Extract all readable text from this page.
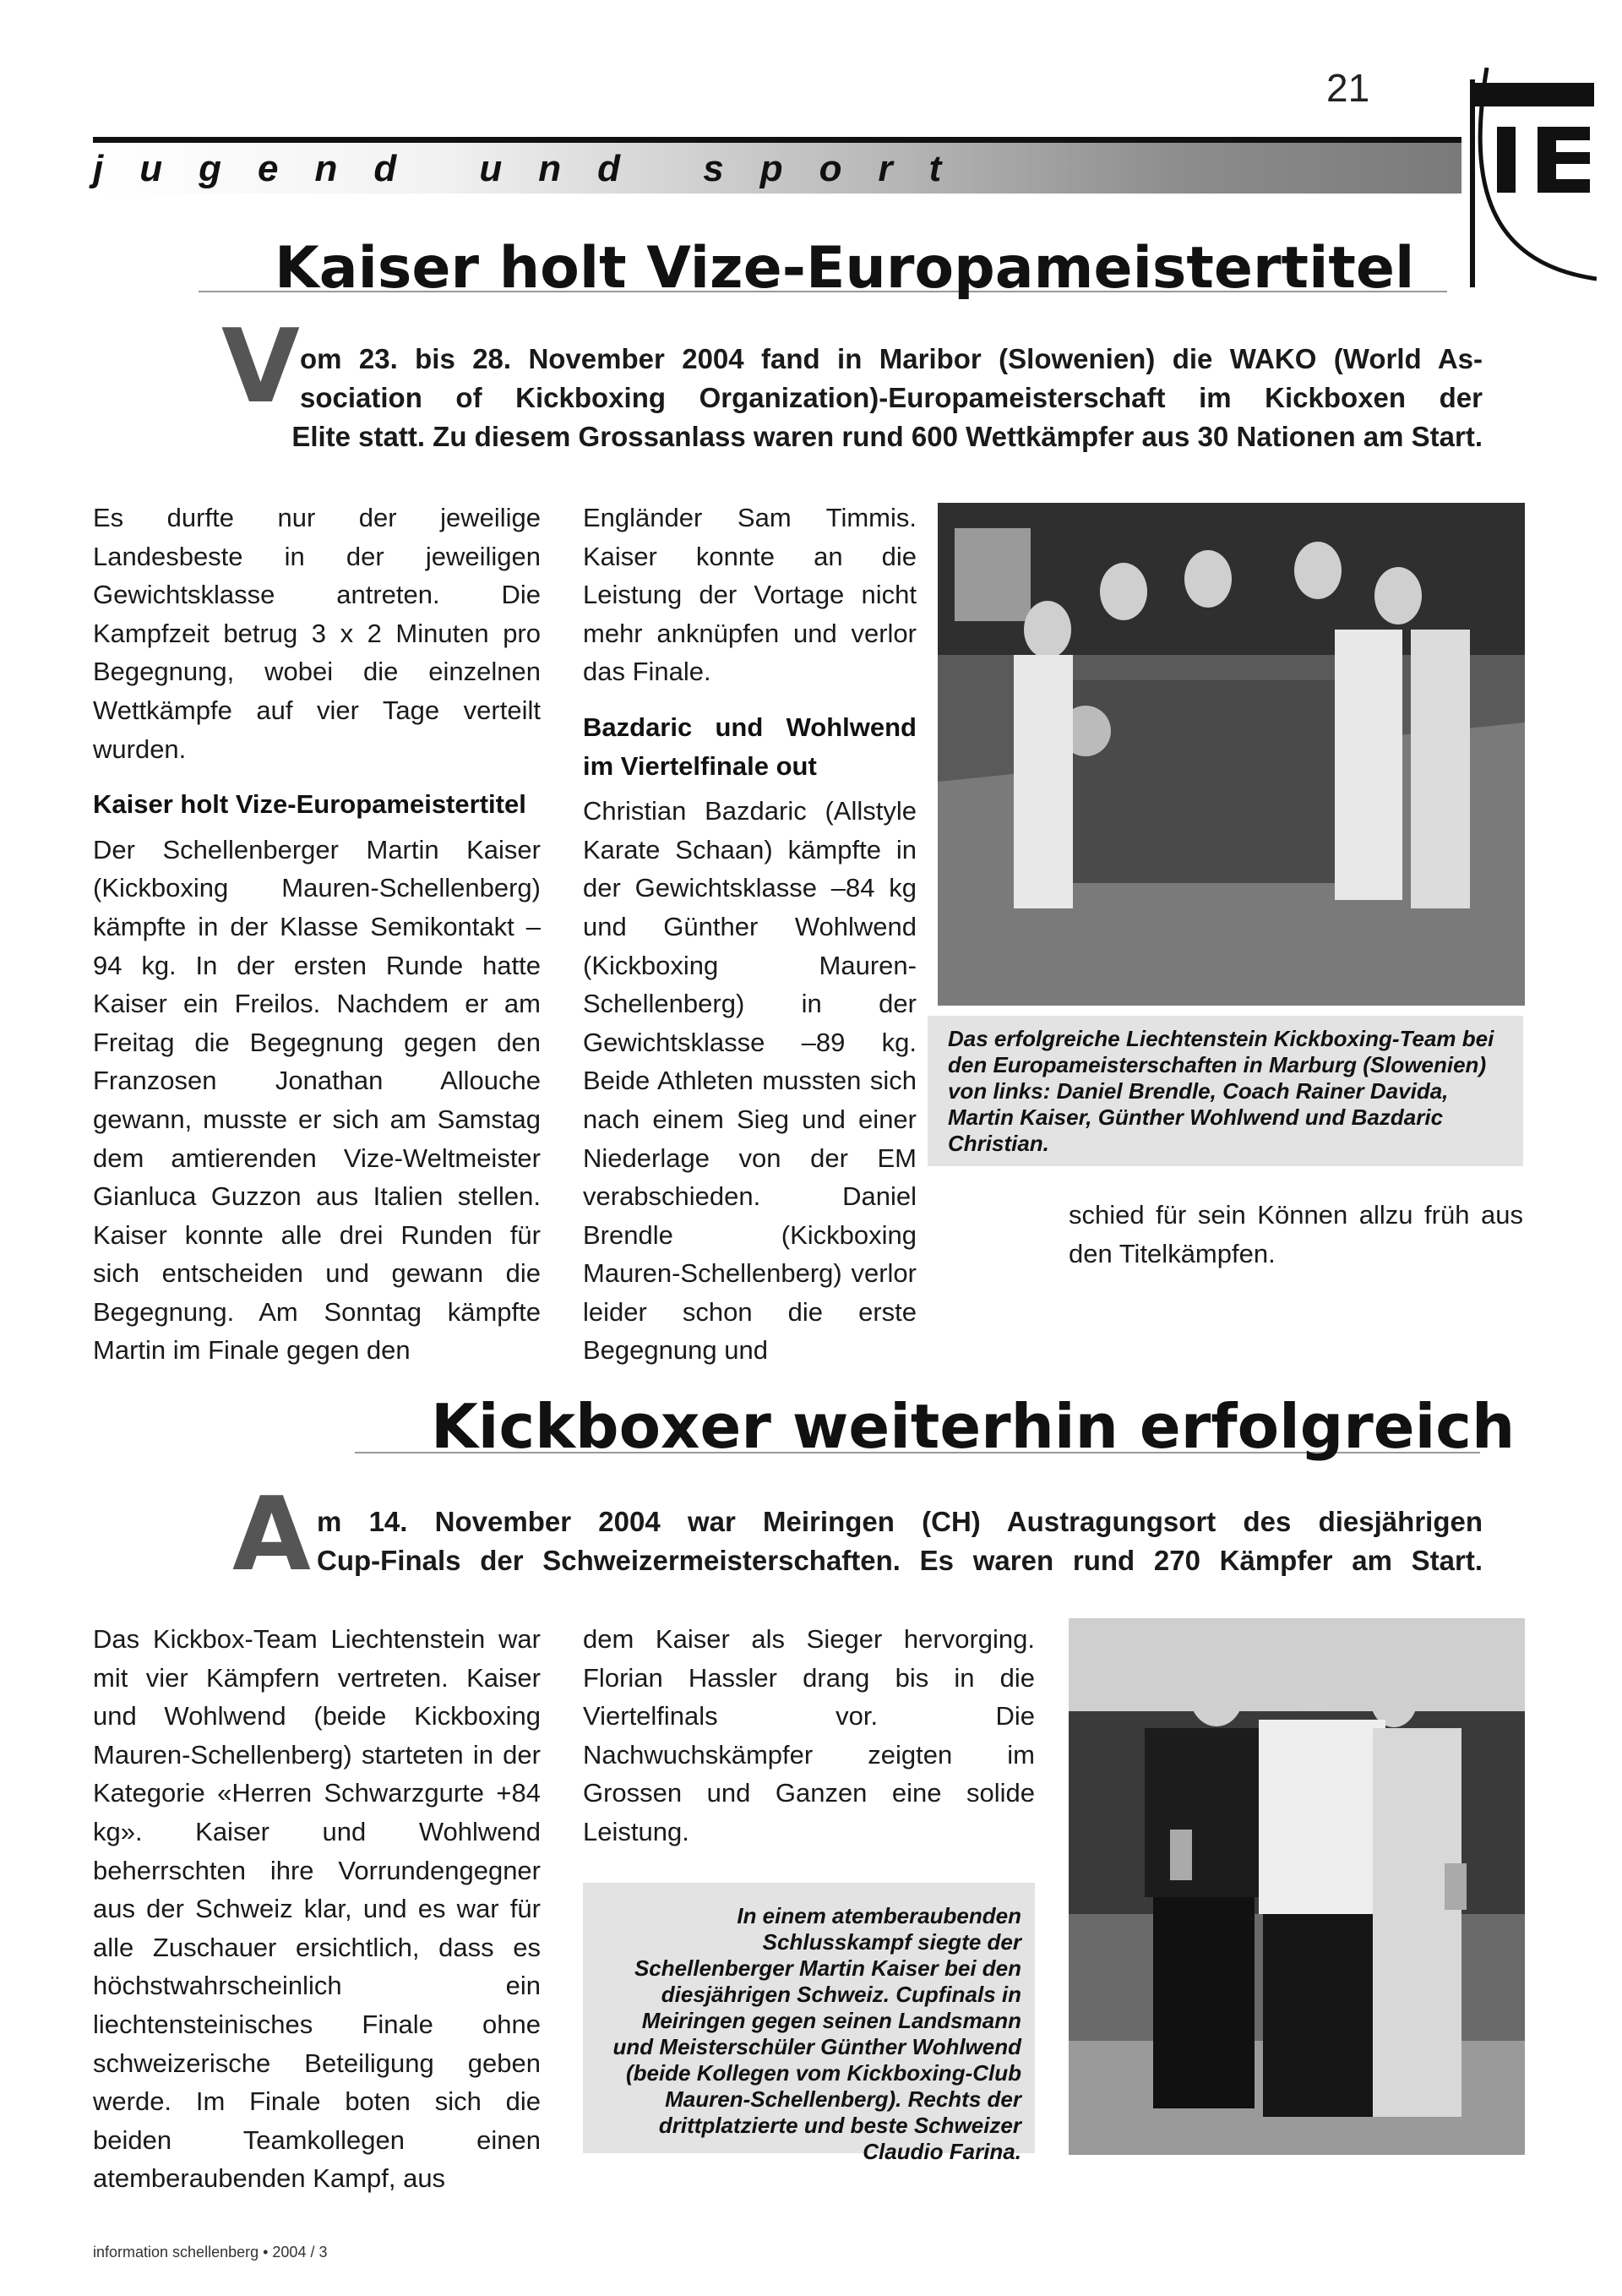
21
jugend und sport
Kaiser holt Vize-Europameistertitel
V om 23. bis 28. November 2004 fand in Maribor (Slowenien) die WAKO (World As-
sociation of Kickboxing Organization)-Europameisterschaft im Kickboxen der
Elite statt. Zu diesem Grossanlass waren rund 600 Wettkämpfer aus 30 Nationen am Start.

Es durfte nur der jeweilige Landesbeste in der jeweiligen Gewichtsklasse antreten. Die Kampfzeit betrug 3 x 2 Minuten pro Begegnung, wobei die einzelnen Wettkämpfe auf vier Tage verteilt wurden.

Kaiser holt Vize-Europameistertitel

Der Schellenberger Martin Kaiser (Kickboxing Mauren-Schellenberg) kämpfte in der Klasse Semikontakt –94 kg. In der ersten Runde hatte Kaiser ein Freilos. Nachdem er am Freitag die Begegnung gegen den Franzosen Jonathan Allouche gewann, musste er sich am Samstag dem amtierenden Vize-Weltmeister Gianluca Guzzon aus Italien stellen. Kaiser konnte alle drei Runden für sich entscheiden und gewann die Begegnung. Am Sonntag kämpfte Martin im Finale gegen den

Engländer Sam Timmis. Kaiser konnte an die Leistung der Vortage nicht mehr anknüpfen und verlor das Finale.

Bazdaric und Wohlwend im Viertelfinale out

Christian Bazdaric (Allstyle Karate Schaan) kämpfte in der Gewichtsklasse –84 kg und Günther Wohlwend (Kickboxing Mauren-Schellenberg) in der Gewichtsklasse –89 kg. Beide Athleten mussten sich nach einem Sieg und einer Niederlage von der EM verabschieden. Daniel Brendle (Kickboxing Mauren-Schellenberg) verlor leider schon die erste Begegnung und

Das erfolgreiche Liechtenstein Kickboxing-Team bei den Europameisterschaften in Marburg (Slowenien) von links: Daniel Brendle, Coach Rainer Davida, Martin Kaiser, Günther Wohlwend und Bazdaric Christian.

schied für sein Können allzu früh aus den Titelkämpfen.

Kickboxer weiterhin erfolgreich
A m 14. November 2004 war Meiringen (CH) Austragungsort des diesjährigen
Cup-Finals der Schweizermeisterschaften. Es waren rund 270 Kämpfer am Start.

Das Kickbox-Team Liechtenstein war mit vier Kämpfern vertreten. Kaiser und Wohlwend (beide Kickboxing Mauren-Schellenberg) starteten in der Kategorie «Herren Schwarzgurte +84 kg». Kaiser und Wohlwend beherrschten ihre Vorrundengegner aus der Schweiz klar, und es war für alle Zuschauer ersichtlich, dass es höchstwahrscheinlich ein liechtensteinisches Finale ohne schweizerische Beteiligung geben werde. Im Finale boten sich die beiden Teamkollegen einen atemberaubenden Kampf, aus

dem Kaiser als Sieger hervorging. Florian Hassler drang bis in die Viertelfinals vor. Die Nachwuchskämpfer zeigten im Grossen und Ganzen eine solide Leistung.

In einem atemberaubenden Schlusskampf siegte der Schellenberger Martin Kaiser bei den diesjährigen Schweiz. Cupfinals in Meiringen gegen seinen Landsmann und Meisterschüler Günther Wohlwend (beide Kollegen vom Kickboxing-Club Mauren-Schellenberg). Rechts der drittplatzierte und beste Schweizer Claudio Farina.
information schellenberg • 2004 / 3
